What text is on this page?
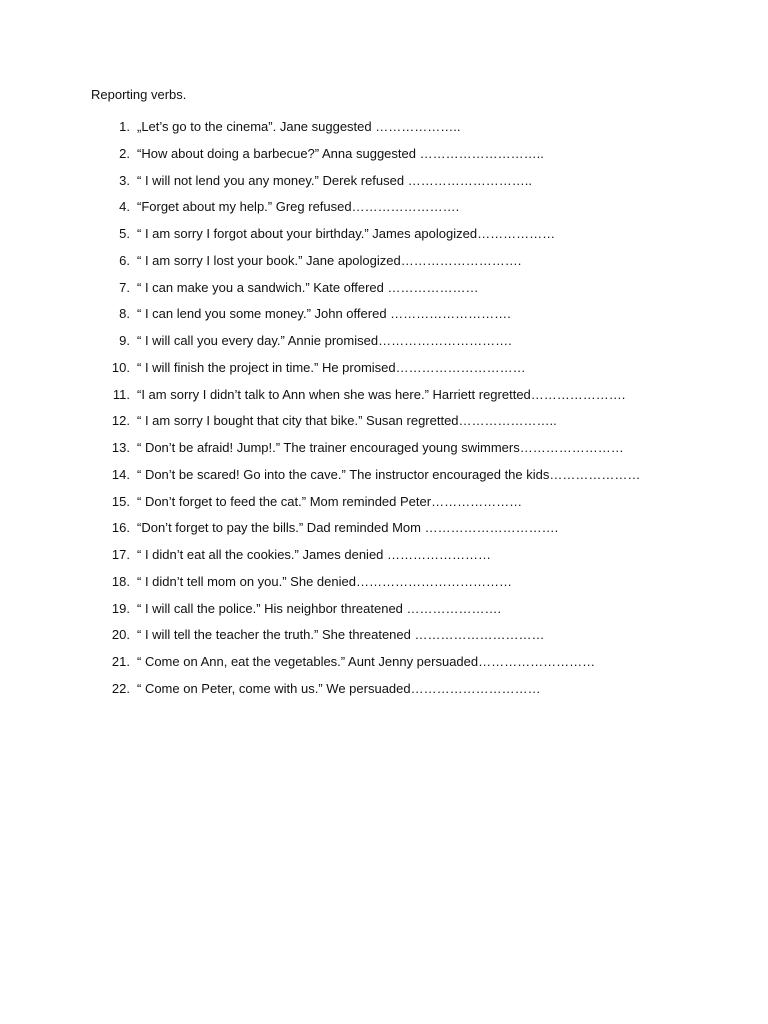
Reporting verbs.
1. „Let’s go to the cinema”. Jane suggested ………………..
2. “How about doing a barbecue?” Anna suggested ………………………..
3. “ I will not lend you any money.” Derek refused ………………………..
4. “Forget about my help.” Greg refused…………………….
5. “ I am sorry I forgot about your birthday.” James apologized………………
6. “ I am sorry I lost your book.” Jane apologized……………………….
7. “ I can make you a sandwich.” Kate offered …………………
8. “ I can lend you some money.” John offered ……………………….
9. “ I will call you every day.” Annie promised………………………….
10. “ I will finish the project in time.” He promised…………………………
11. “I am sorry I didn’t talk to Ann when she was here.” Harriett regretted………………….
12. “ I am sorry I bought that city that bike.” Susan regretted…………………..
13. “ Don’t be afraid! Jump!.” The trainer encouraged young swimmers……………………
14. “ Don’t be scared! Go into the cave.” The instructor encouraged the kids…………………
15. “ Don’t forget to feed the cat.” Mom reminded Peter…………………
16. “Don’t forget to pay the bills.” Dad reminded Mom ………………………….
17. “ I didn’t eat all the cookies.” James denied ……………………
18. “ I didn’t tell mom on you.” She denied………………………………
19. “ I will call the police.” His neighbor threatened ………………….
20. “ I will tell the teacher the truth.” She threatened …………………………
21. “ Come on Ann, eat the vegetables.” Aunt Jenny persuaded………………………
22. “ Come on Peter, come with us.” We persuaded…………………………
